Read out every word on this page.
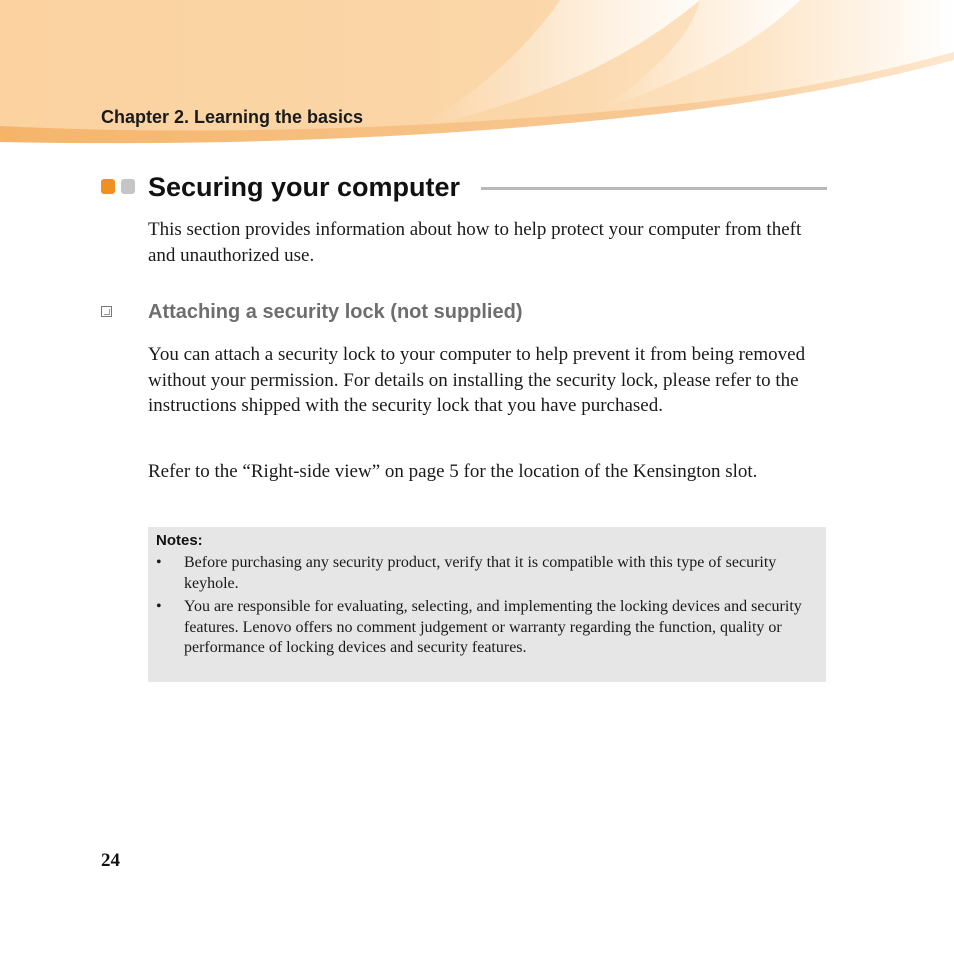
Chapter 2. Learning the basics
Securing your computer

This section provides information about how to help protect your computer from theft and unauthorized use.

Attaching a security lock (not supplied)

You can attach a security lock to your computer to help prevent it from being removed without your permission. For details on installing the security lock, please refer to the instructions shipped with the security lock that you have purchased.

Refer to the “Right-side view” on page 5 for the location of the Kensington slot.

Notes:
• Before purchasing any security product, verify that it is compatible with this type of security keyhole.
• You are responsible for evaluating, selecting, and implementing the locking devices and security features. Lenovo offers no comment judgement or warranty regarding the function, quality or performance of locking devices and security features.
24
